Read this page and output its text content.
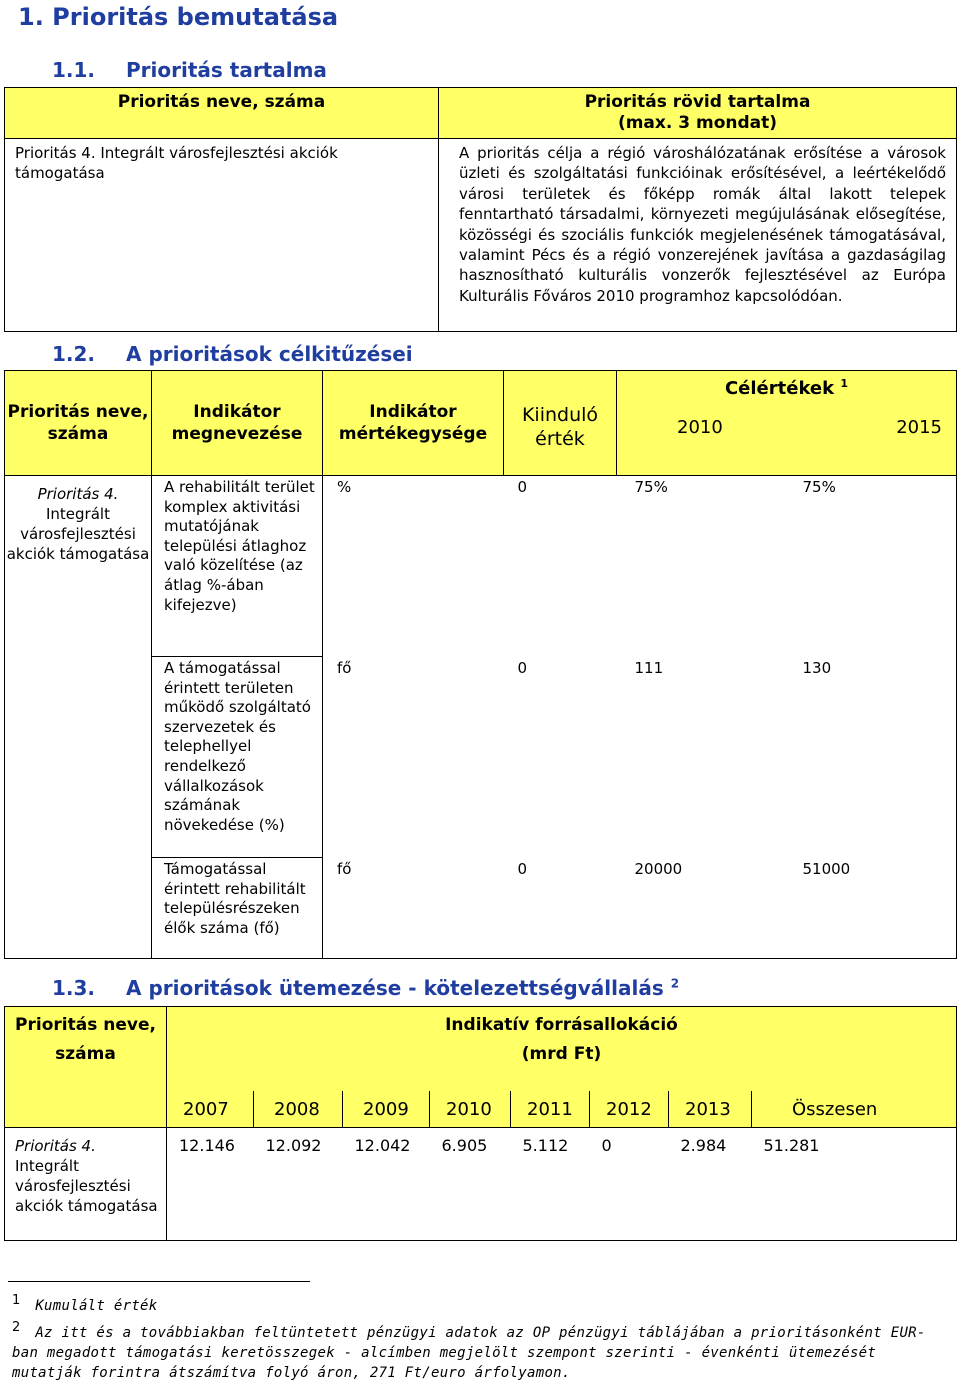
1. Prioritás bemutatása
1.1. Prioritás tartalma
Prioritás neve, száma	Prioritás rövid tartalma
(max. 3 mondat)
Prioritás 4. Integrált városfejlesztési akciók támogatása	A prioritás célja a régió városhálózatának erősítése a városok üzleti és szolgáltatási funkcióinak erősítésével, a leértékelődő városi területek és főképp romák által lakott telepek fenntartható társadalmi, környezeti megújulásának elősegítése, közösségi és szociális funkciók megjelenésének támogatásával, valamint Pécs és a régió vonzerejének javítása a gazdaságilag hasznosítható kulturális vonzerők fejlesztésével az Európa Kulturális Főváros 2010 programhoz kapcsolódóan.
1.2. A prioritások célkitűzései
Prioritás neve, száma	Indikátor megnevezése	Indikátor mértékegysége	Kiinduló érték	Célértékek $^1$
2010 2015

Prioritás 4.
Integrált városfejlesztési akciók támogatása	A rehabilitált terület komplex aktivitási mutatójának települési átlaghoz való közelítése (az átlag %-ában kifejezve)	%	0	75% 75%
	A támogatással érintett területen működő szolgáltató szervezetek és telephellyel rendelkező vállalkozások számának növekedése (%)	fő	0	111 130
	Támogatással érintett rehabilitált településrészeken élők száma (fő)	fő	0	20000 51000
1.3. A prioritások ütemezése - kötelezettségvállalás $^2$
Prioritás neve, száma	Indikatív forrásallokáció
(mrd Ft)							
	2007	2008	2009	2010	2011	2012	2013	Összesen
Prioritás 4.
Integrált városfejlesztési akciók támogatása	12.146	12.092	12.042	6.905	5.112	0	2.984	51.281

$^1$ Kumulált érték
$^2$ Az itt és a továbbiakban feltüntetett pénzügyi adatok az OP pénzügyi táblájában a prioritásonként EUR-ban megadott támogatási keretösszegek - alcímben megjelölt szempont szerinti - évenkénti ütemezését mutatják forintra átszámítva folyó áron, 271 Ft/euro árfolyamon.
